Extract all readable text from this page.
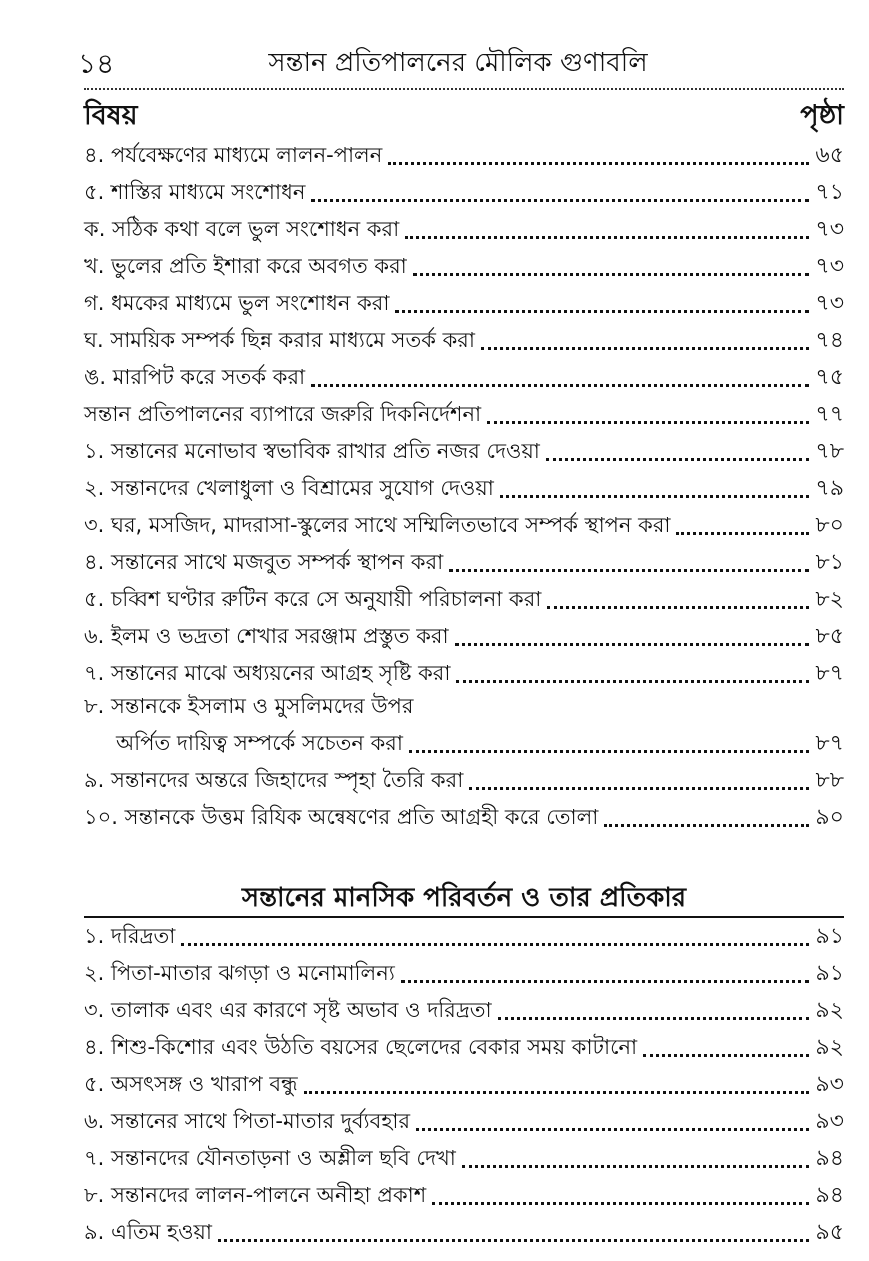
১৪	সন্তান প্রতিপালনের মৌলিক গুণাবলি
বিষয়	পৃষ্ঠা
৪. পর্যবেক্ষণের মাধ্যমে লালন-পালন	৬৫
৫. শাস্তির মাধ্যমে সংশোধন	৭১
ক. সঠিক কথা বলে ভুল সংশোধন করা	৭৩
খ. ভুলের প্রতি ইশারা করে অবগত করা	৭৩
গ. ধমকের মাধ্যমে ভুল সংশোধন করা	৭৩
ঘ. সাময়িক সম্পর্ক ছিন্ন করার মাধ্যমে সতর্ক করা	৭৪
ঙ. মারপিট করে সতর্ক করা	৭৫
সন্তান প্রতিপালনের ব্যাপারে জরুরি দিকনির্দেশনা	৭৭
১. সন্তানের মনোভাব স্বভাবিক রাখার প্রতি নজর দেওয়া	৭৮
২. সন্তানদের খেলাধুলা ও বিশ্রামের সুযোগ দেওয়া	৭৯
৩. ঘর, মসজিদ, মাদরাসা-স্কুলের সাথে সম্মিলিতভাবে সম্পর্ক স্থাপন করা	৮০
৪. সন্তানের সাথে মজবুত সম্পর্ক স্থাপন করা	৮১
৫. চব্বিশ ঘণ্টার রুটিন করে সে অনুযায়ী পরিচালনা করা	৮২
৬. ইলম ও ভদ্রতা শেখার সরঞ্জাম প্রস্তুত করা	৮৫
৭. সন্তানের মাঝে অধ্যয়নের আগ্রহ সৃষ্টি করা	৮৭
৮. সন্তানকে ইসলাম ও মুসলিমদের উপর
অর্পিত দায়িত্ব সম্পর্কে সচেতন করা	৮৭
৯. সন্তানদের অন্তরে জিহাদের স্পৃহা তৈরি করা	৮৮
১০. সন্তানকে উত্তম রিযিক অন্বেষণের প্রতি আগ্রহী করে তোলা	৯০
সন্তানের মানসিক পরিবর্তন ও তার প্রতিকার
১. দরিদ্রতা	৯১
২. পিতা-মাতার ঝগড়া ও মনোমালিন্য	৯১
৩. তালাক এবং এর কারণে সৃষ্ট অভাব ও দরিদ্রতা	৯২
৪. শিশু-কিশোর এবং উঠতি বয়সের ছেলেদের বেকার সময় কাটানো	৯২
৫. অসৎসঙ্গ ও খারাপ বন্ধু	৯৩
৬. সন্তানের সাথে পিতা-মাতার দুর্ব্যবহার	৯৩
৭. সন্তানদের যৌনতাড়না ও অশ্লীল ছবি দেখা	৯৪
৮. সন্তানদের লালন-পালনে অনীহা প্রকাশ	৯৪
৯. এতিম হওয়া	৯৫
